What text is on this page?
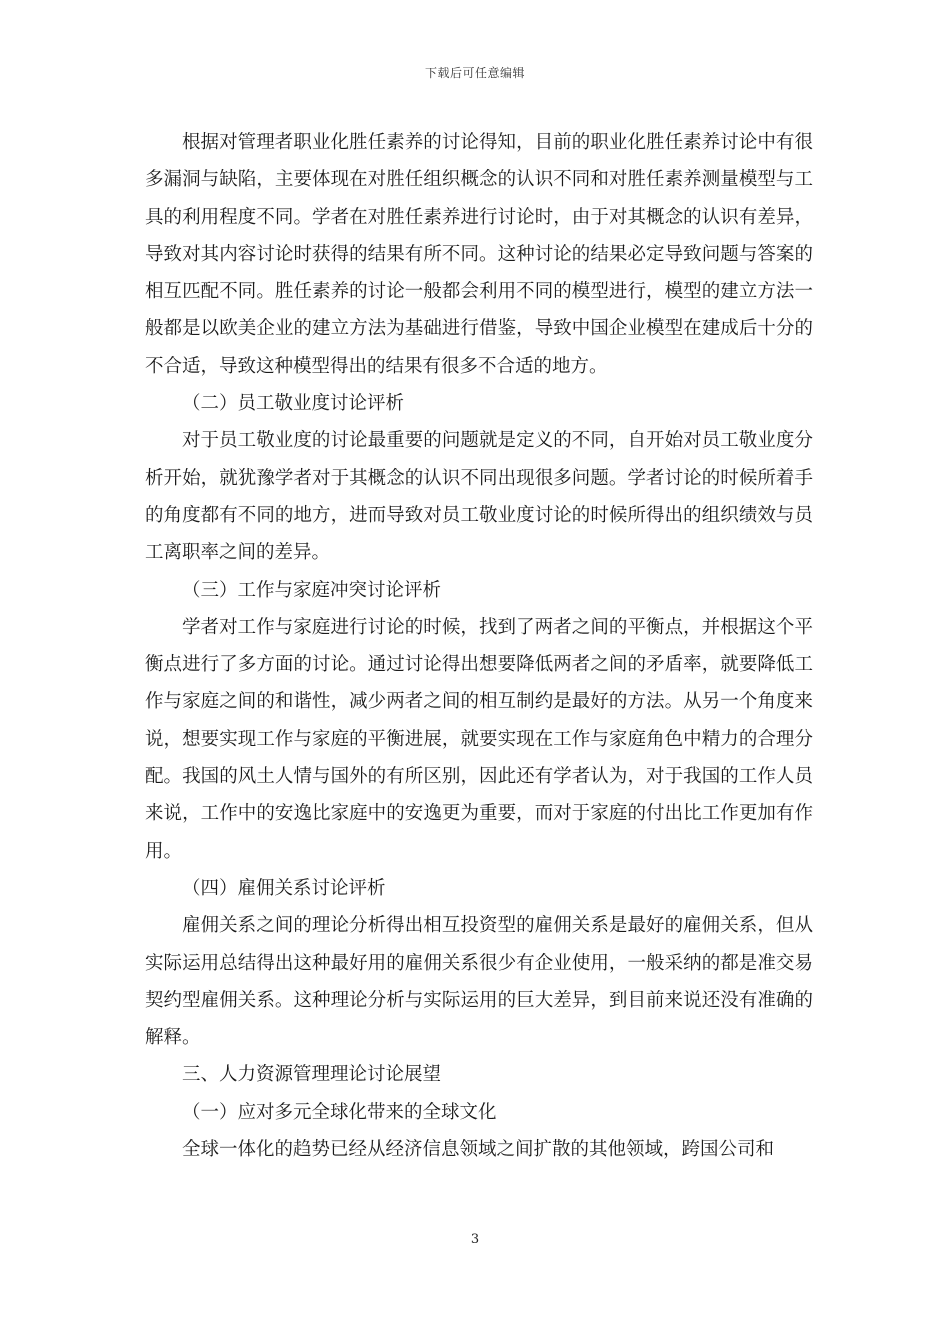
下载后可任意编辑

根据对管理者职业化胜任素养的讨论得知，目前的职业化胜任素养讨论中有很多漏洞与缺陷，主要体现在对胜任组织概念的认识不同和对胜任素养测量模型与工具的利用程度不同。学者在对胜任素养进行讨论时，由于对其概念的认识有差异，导致对其内容讨论时获得的结果有所不同。这种讨论的结果必定导致问题与答案的相互匹配不同。胜任素养的讨论一般都会利用不同的模型进行，模型的建立方法一般都是以欧美企业的建立方法为基础进行借鉴，导致中国企业模型在建成后十分的不合适，导致这种模型得出的结果有很多不合适的地方。

（二）员工敬业度讨论评析

对于员工敬业度的讨论最重要的问题就是定义的不同，自开始对员工敬业度分析开始，就犹豫学者对于其概念的认识不同出现很多问题。学者讨论的时候所着手的角度都有不同的地方，进而导致对员工敬业度讨论的时候所得出的组织绩效与员工离职率之间的差异。

（三）工作与家庭冲突讨论评析

学者对工作与家庭进行讨论的时候，找到了两者之间的平衡点，并根据这个平衡点进行了多方面的讨论。通过讨论得出想要降低两者之间的矛盾率，就要降低工作与家庭之间的和谐性，减少两者之间的相互制约是最好的方法。从另一个角度来说，想要实现工作与家庭的平衡进展，就要实现在工作与家庭角色中精力的合理分配。我国的风土人情与国外的有所区别，因此还有学者认为，对于我国的工作人员来说，工作中的安逸比家庭中的安逸更为重要，而对于家庭的付出比工作更加有作用。

（四）雇佣关系讨论评析

雇佣关系之间的理论分析得出相互投资型的雇佣关系是最好的雇佣关系，但从实际运用总结得出这种最好用的雇佣关系很少有企业使用，一般采纳的都是准交易契约型雇佣关系。这种理论分析与实际运用的巨大差异，到目前来说还没有准确的解释。

三、人力资源管理理论讨论展望

（一）应对多元全球化带来的全球文化

全球一体化的趋势已经从经济信息领域之间扩散的其他领域，跨国公司和

3
